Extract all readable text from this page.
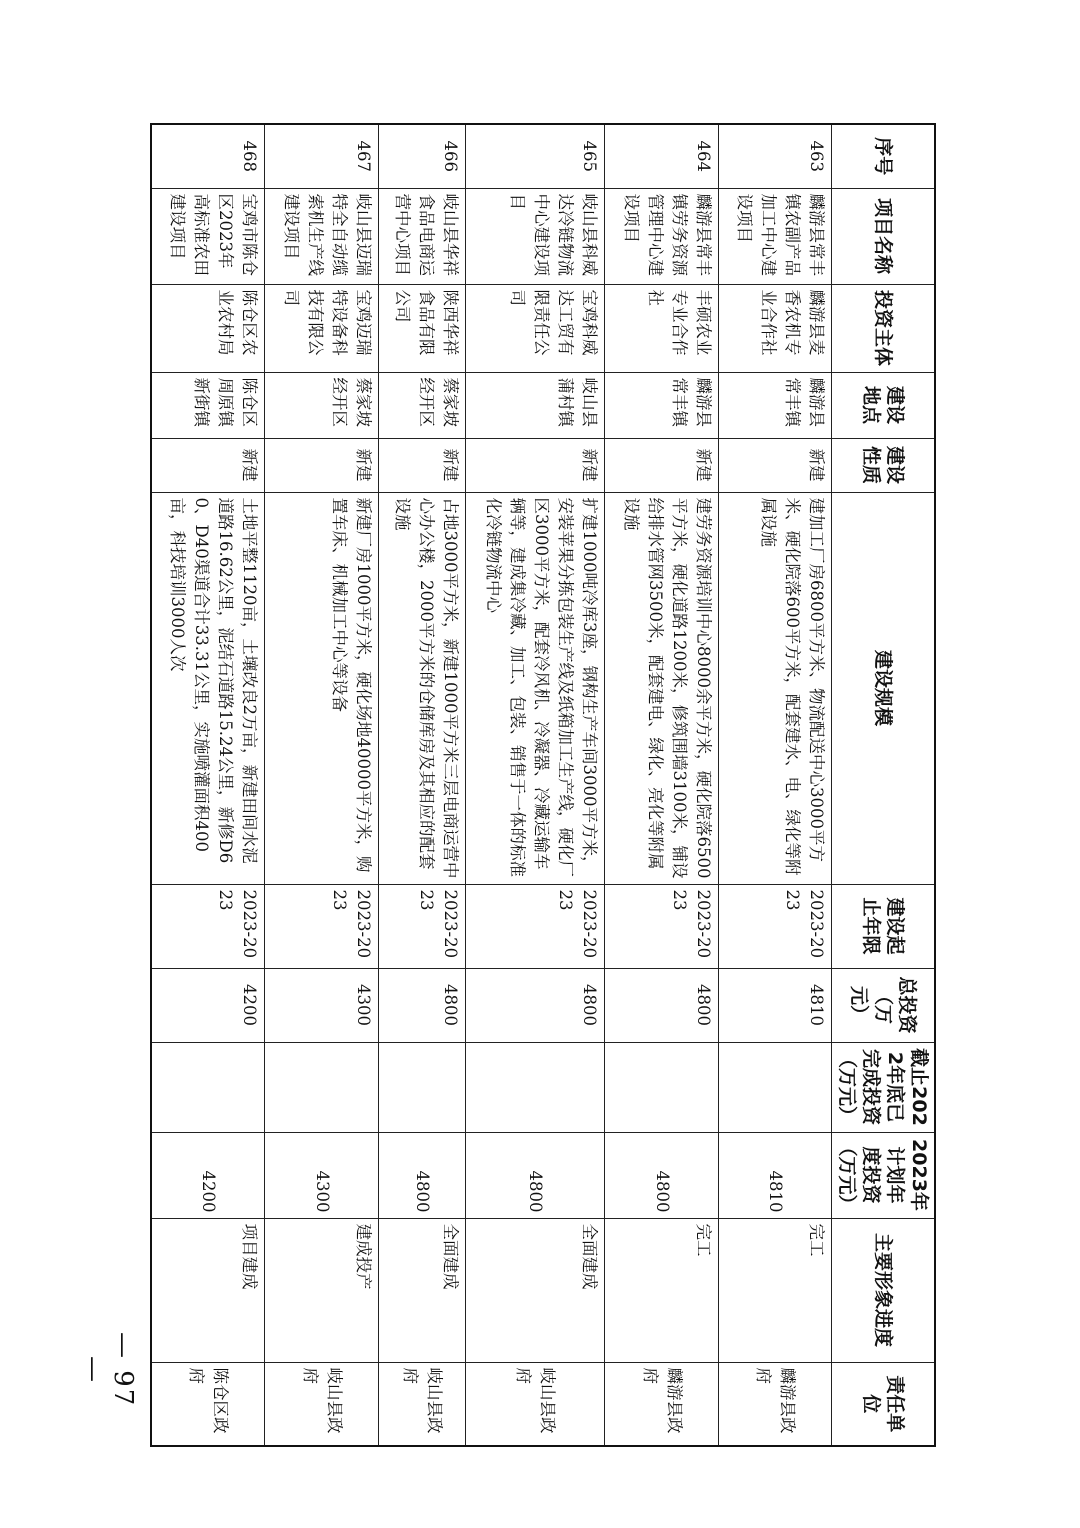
序号	项目名称	投资主体	建设地点	建设性质	建设规模	建设起止年限	总投资（万元）	截止2022年底已完成投资（万元）	2023年计划年度投资（万元）	主要形象进度	责任单位
463	麟游县常丰镇农副产品加工中心建设项目	麟游县麦香农机专业合作社	麟游县常丰镇	新建	建加工厂房6800平方米、物流配送中心3000平方米、硬化院落600平方米，配套建水、电、绿化等附属设施	2023-2023	4810		4810	完工	麟游县政府
464	麟游县常丰镇劳务资源管理中心建设项目	丰硕农业专业合作社	麟游县常丰镇	新建	建劳务资源培训中心8000余平方米，硬化院落6500平方米，硬化道路1200米，修筑围墙3100米，铺设给排水管网3500米，配套建电、绿化、亮化等附属设施	2023-2023	4800		4800	完工	麟游县政府
465	岐山县科威达冷链物流中心建设项目	宝鸡科威达工贸有限责任公司	岐山县蒲村镇	新建	扩建1000吨冷库3座，钢构生产车间3000平方米，安装苹果分拣包装生产线及纸箱加工生产线，硬化厂区3000平方米，配套冷风机、冷凝器、冷藏运输车辆等，建成集冷藏、加工、包装、销售于一体的标准化冷链物流中心	2023-2023	4800		4800	全面建成	岐山县政府
466	岐山县华祥食品电商运营中心项目	陕西华祥食品有限公司	蔡家坡经开区	新建	占地3000平方米，新建1000平方米三层电商运营中心办公楼，2000平方米的仓储库房及其相应的配套设施	2023-2023	4800		4800	全面建成	岐山县政府
467	岐山县迈瑞特全自动缆索机生产线建设项目	宝鸡迈瑞特设备科技有限公司	蔡家坡经开区	新建	新建厂房1000平方米，硬化场地40000平方米，购置车床、机械加工中心等设备	2023-2023	4300		4300	建成投产	岐山县政府
468	宝鸡市陈仓区2023年高标准农田建设项目	陈仓区农业农村局	陈仓区周原镇新街镇	新建	土地平整1120亩，土壤改良2万亩，新建田间水泥道路16.62公里，泥结石道路15.24公里，新修D60、D40渠道合计33.31公里，实施喷灌面积400亩，科技培训3000人次	2023-2023	4200		4200	项目建成	陈仓区政府
— 97 —
